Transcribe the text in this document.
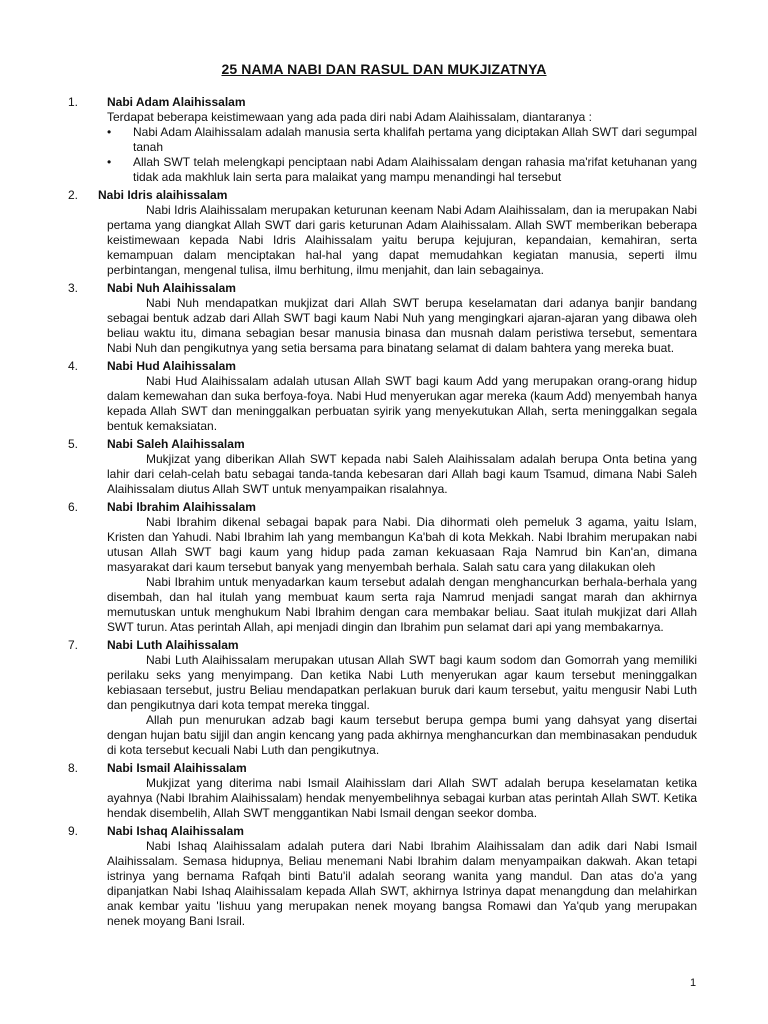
25 NAMA NABI DAN RASUL DAN MUKJIZATNYA
1. Nabi Adam Alaihissalam

Terdapat beberapa keistimewaan yang ada pada diri nabi Adam Alaihissalam, diantaranya :

• Nabi Adam Alaihissalam adalah manusia serta khalifah pertama yang diciptakan Allah SWT dari segumpal tanah
• Allah SWT telah melengkapi penciptaan nabi Adam Alaihissalam dengan rahasia ma'rifat ketuhanan yang tidak ada makhluk lain serta para malaikat yang mampu menandingi hal tersebut
2. Nabi Idris alaihissalam

Nabi Idris Alaihissalam merupakan keturunan keenam Nabi Adam Alaihissalam, dan ia merupakan Nabi pertama yang diangkat Allah SWT dari garis keturunan Adam Alaihissalam. Allah SWT memberikan beberapa keistimewaan kepada Nabi Idris Alaihissalam yaitu berupa kejujuran, kepandaian, kemahiran, serta kemampuan dalam menciptakan hal-hal yang dapat memudahkan kegiatan manusia, seperti ilmu perbintangan, mengenal tulisa, ilmu berhitung, ilmu menjahit, dan lain sebagainya.

3. Nabi Nuh Alaihissalam

Nabi Nuh mendapatkan mukjizat dari Allah SWT berupa keselamatan dari adanya banjir bandang sebagai bentuk adzab dari Allah SWT bagi kaum Nabi Nuh yang mengingkari ajaran-ajaran yang dibawa oleh beliau waktu itu, dimana sebagian besar manusia binasa dan musnah dalam peristiwa tersebut, sementara Nabi Nuh dan pengikutnya yang setia bersama para binatang selamat di dalam bahtera yang mereka buat.

4. Nabi Hud Alaihissalam

Nabi Hud Alaihissalam adalah utusan Allah SWT bagi kaum Add yang merupakan orang-orang hidup dalam kemewahan dan suka berfoya-foya. Nabi Hud menyerukan agar mereka (kaum Add) menyembah hanya kepada Allah SWT dan meninggalkan perbuatan syirik yang menyekutukan Allah, serta meninggalkan segala bentuk kemaksiatan.

5. Nabi Saleh Alaihissalam

Mukjizat yang diberikan Allah SWT kepada nabi Saleh Alaihissalam adalah berupa Onta betina yang lahir dari celah-celah batu sebagai tanda-tanda kebesaran dari Allah bagi kaum Tsamud, dimana Nabi Saleh Alaihissalam diutus Allah SWT untuk menyampaikan risalahnya.

6. Nabi Ibrahim Alaihissalam

Nabi Ibrahim dikenal sebagai bapak para Nabi. Dia dihormati oleh pemeluk 3 agama, yaitu Islam, Kristen dan Yahudi. Nabi Ibrahim lah yang membangun Ka'bah di kota Mekkah. Nabi Ibrahim merupakan nabi utusan Allah SWT bagi kaum yang hidup pada zaman kekuasaan Raja Namrud bin Kan'an, dimana masyarakat dari kaum tersebut banyak yang menyembah berhala. Salah satu cara yang dilakukan oleh

Nabi Ibrahim untuk menyadarkan kaum tersebut adalah dengan menghancurkan berhala-berhala yang disembah, dan hal itulah yang membuat kaum serta raja Namrud menjadi sangat marah dan akhirnya memutuskan untuk menghukum Nabi Ibrahim dengan cara membakar beliau. Saat itulah mukjizat dari Allah SWT turun. Atas perintah Allah, api menjadi dingin dan Ibrahim pun selamat dari api yang membakarnya.

7. Nabi Luth Alaihissalam

Nabi Luth Alaihissalam merupakan utusan Allah SWT bagi kaum sodom dan Gomorrah yang memiliki perilaku seks yang menyimpang. Dan ketika Nabi Luth menyerukan agar kaum tersebut meninggalkan kebiasaan tersebut, justru Beliau mendapatkan perlakuan buruk dari kaum tersebut, yaitu mengusir Nabi Luth dan pengikutnya dari kota tempat mereka tinggal.

Allah pun menurukan adzab bagi kaum tersebut berupa gempa bumi yang dahsyat yang disertai dengan hujan batu sijjil dan angin kencang yang pada akhirnya menghancurkan dan membinasakan penduduk di kota tersebut kecuali Nabi Luth dan pengikutnya.

8. Nabi Ismail Alaihissalam

Mukjizat yang diterima nabi Ismail Alaihisslam dari Allah SWT adalah berupa keselamatan ketika ayahnya (Nabi Ibrahim Alaihissalam) hendak menyembelihnya sebagai kurban atas perintah Allah SWT. Ketika hendak disembelih, Allah SWT menggantikan Nabi Ismail dengan seekor domba.

9. Nabi Ishaq Alaihissalam

Nabi Ishaq Alaihissalam adalah putera dari Nabi Ibrahim Alaihissalam dan adik dari Nabi Ismail Alaihissalam. Semasa hidupnya, Beliau menemani Nabi Ibrahim dalam menyampaikan dakwah. Akan tetapi istrinya yang bernama Rafqah binti Batu'il adalah seorang wanita yang mandul. Dan atas do'a yang dipanjatkan Nabi Ishaq Alaihissalam kepada Allah SWT, akhirnya Istrinya dapat menangdung dan melahirkan anak kembar yaitu 'Iishuu yang merupakan nenek moyang bangsa Romawi dan Ya'qub yang merupakan nenek moyang Bani Israil.

1
